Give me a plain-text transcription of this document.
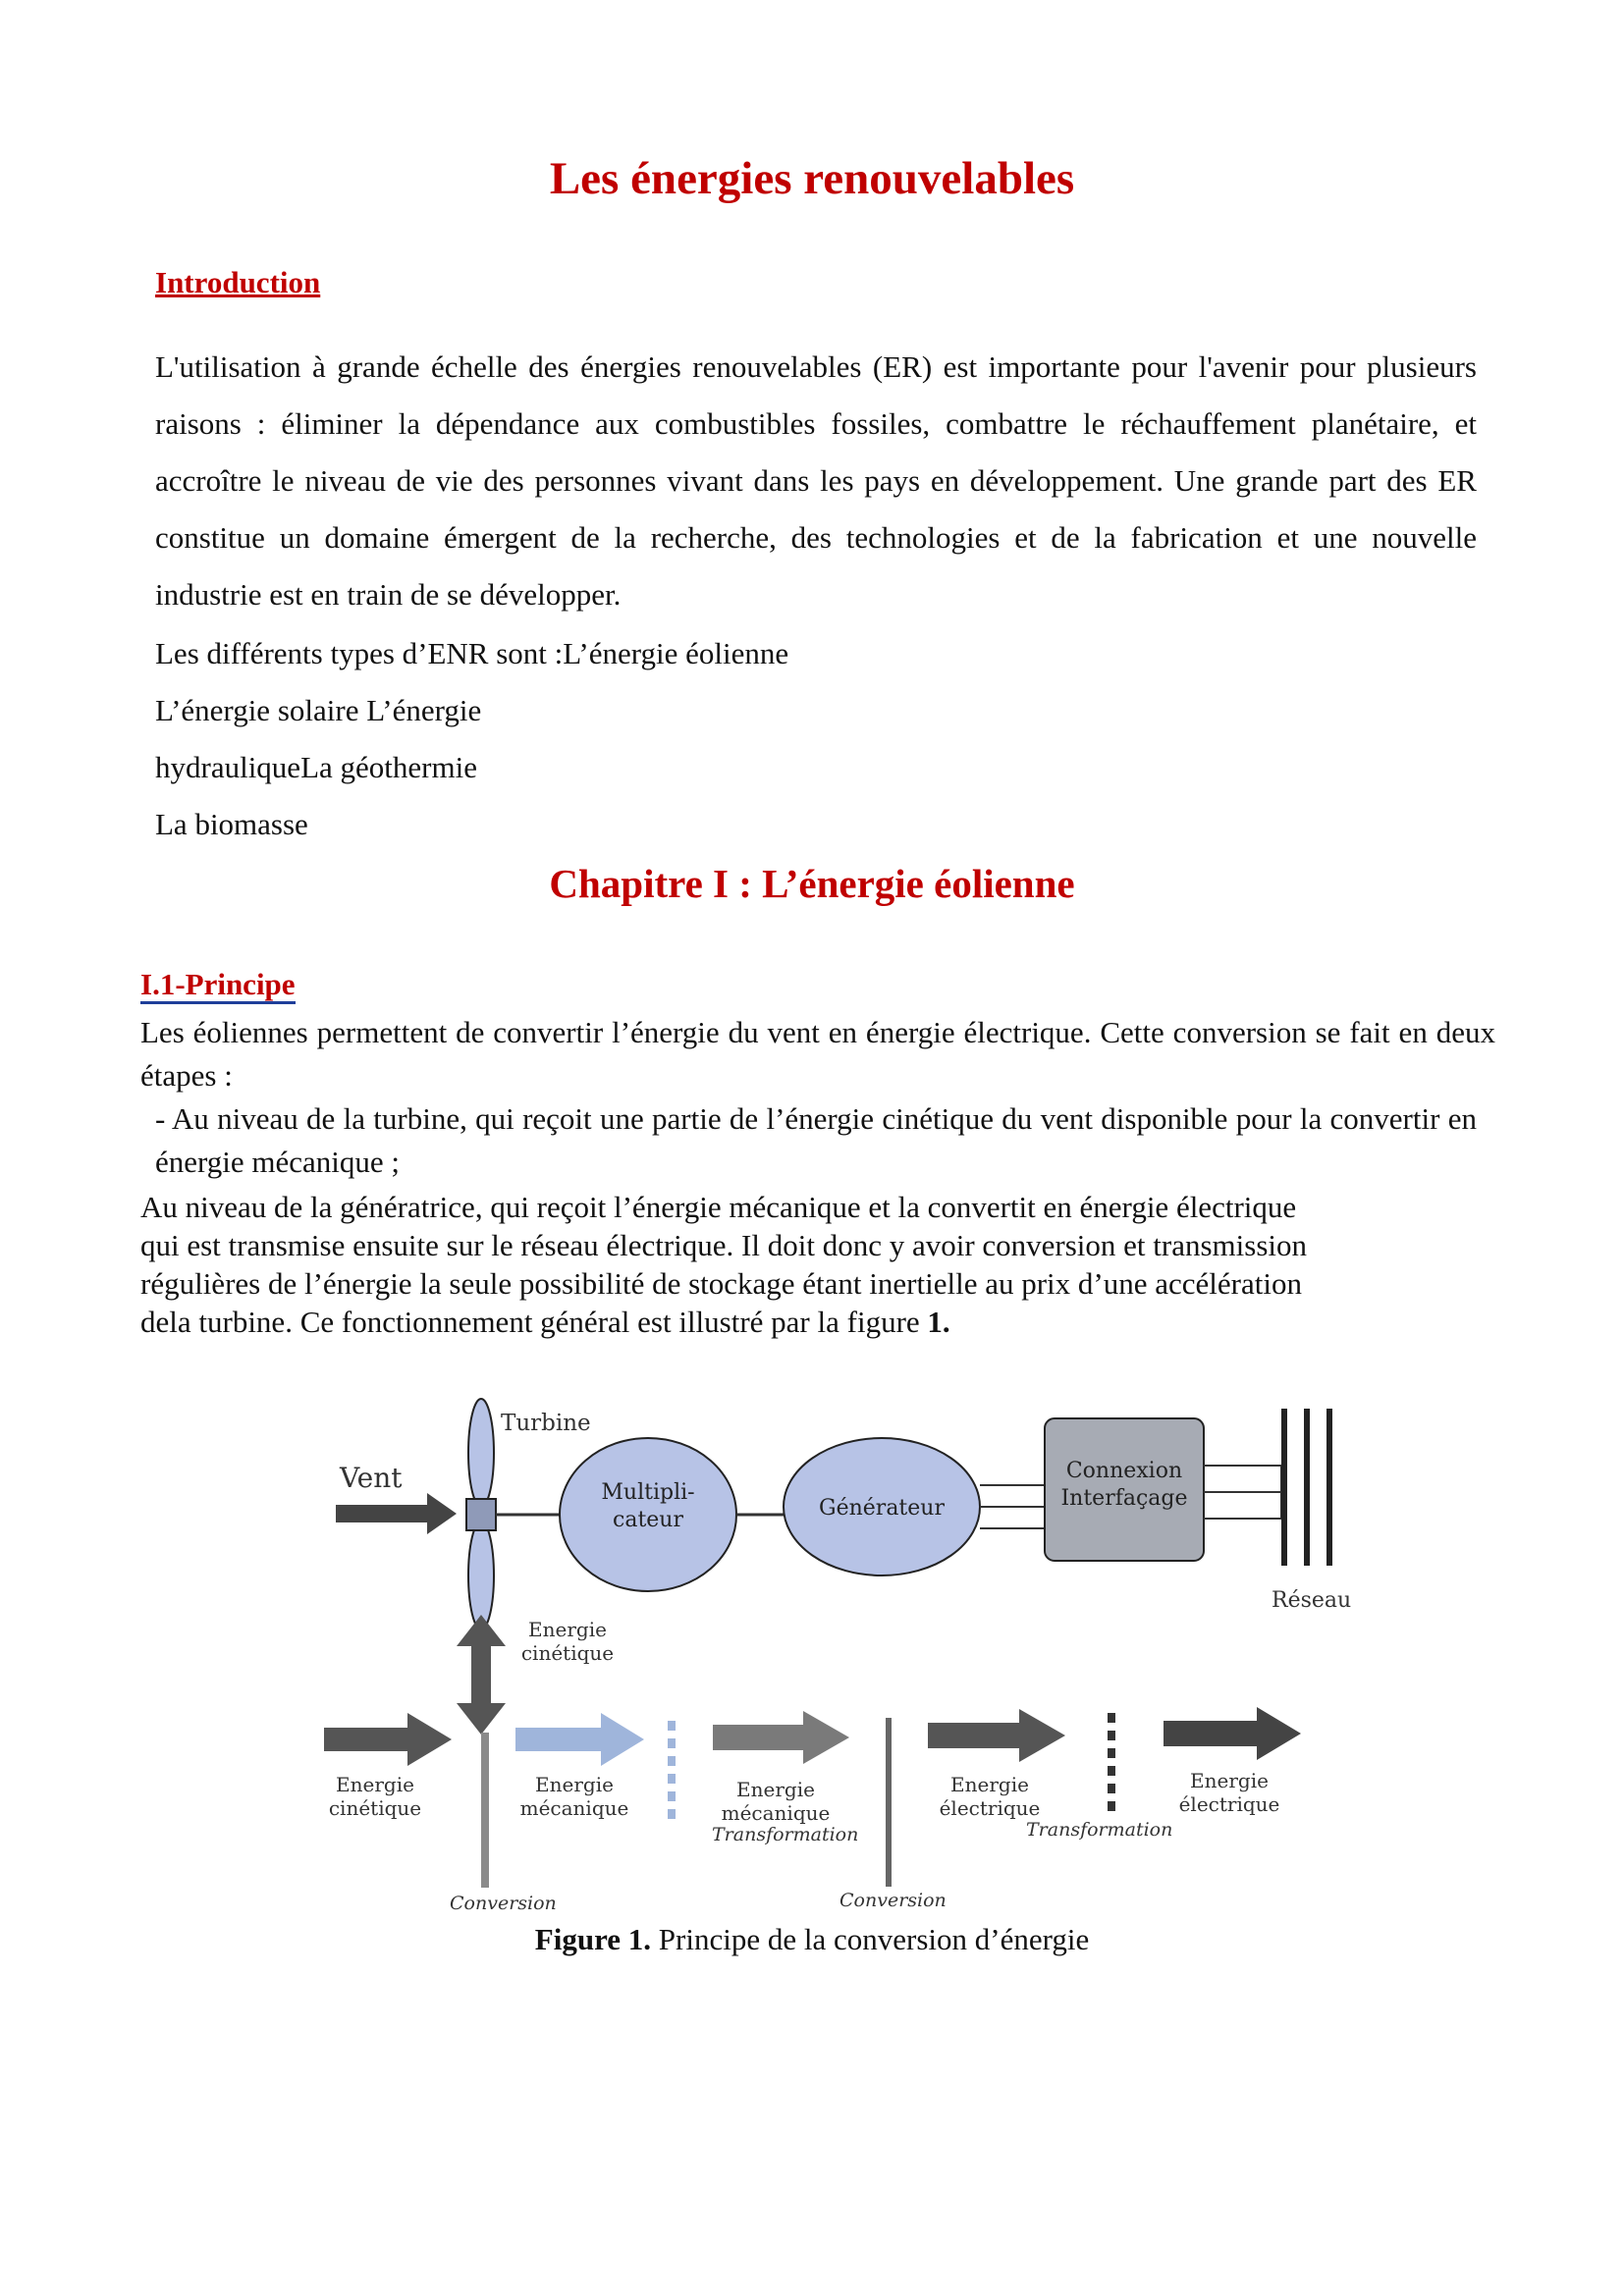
Les énergies renouvelables
Introduction

L'utilisation à grande échelle des énergies renouvelables (ER) est importante pour l'avenir pour plusieurs raisons : éliminer la dépendance aux combustibles fossiles, combattre le réchauffement planétaire, et accroître le niveau de vie des personnes vivant dans les pays en développement. Une grande part des ER constitue un domaine émergent de la recherche, des technologies et de la fabrication et une nouvelle industrie est en train de se développer.

Les différents types d’ENR sont :L’énergie éolienne

L’énergie solaire L’énergie

hydrauliqueLa géothermie

La biomasse

Chapitre I : L’énergie éolienne
I.1-Principe

Les éoliennes permettent de convertir l’énergie du vent en énergie électrique. Cette conversion se fait en deux étapes :

- Au niveau de la turbine, qui reçoit une partie de l’énergie cinétique du vent disponible pour la convertir en énergie mécanique ;

Au niveau de la génératrice, qui reçoit l’énergie mécanique et la convertit en énergie électrique
qui est transmise ensuite sur le réseau électrique. Il doit donc y avoir conversion et transmission
régulières de l’énergie la seule possibilité de stockage étant inertielle au prix d’une accélération
dela turbine. Ce fonctionnement général est illustré par la figure 1.
Vent
Turbine
Multipli-
cateur	Générateur
Connexion
Interfaçage
Réseau
Energie
cinétique
Conversion
Energie
cinétique
Energie
mécanique
Transformation
Energie
mécanique
Conversion
Energie
électrique
Transformation
Energie
électrique

Figure 1. Principe de la conversion d’énergie
